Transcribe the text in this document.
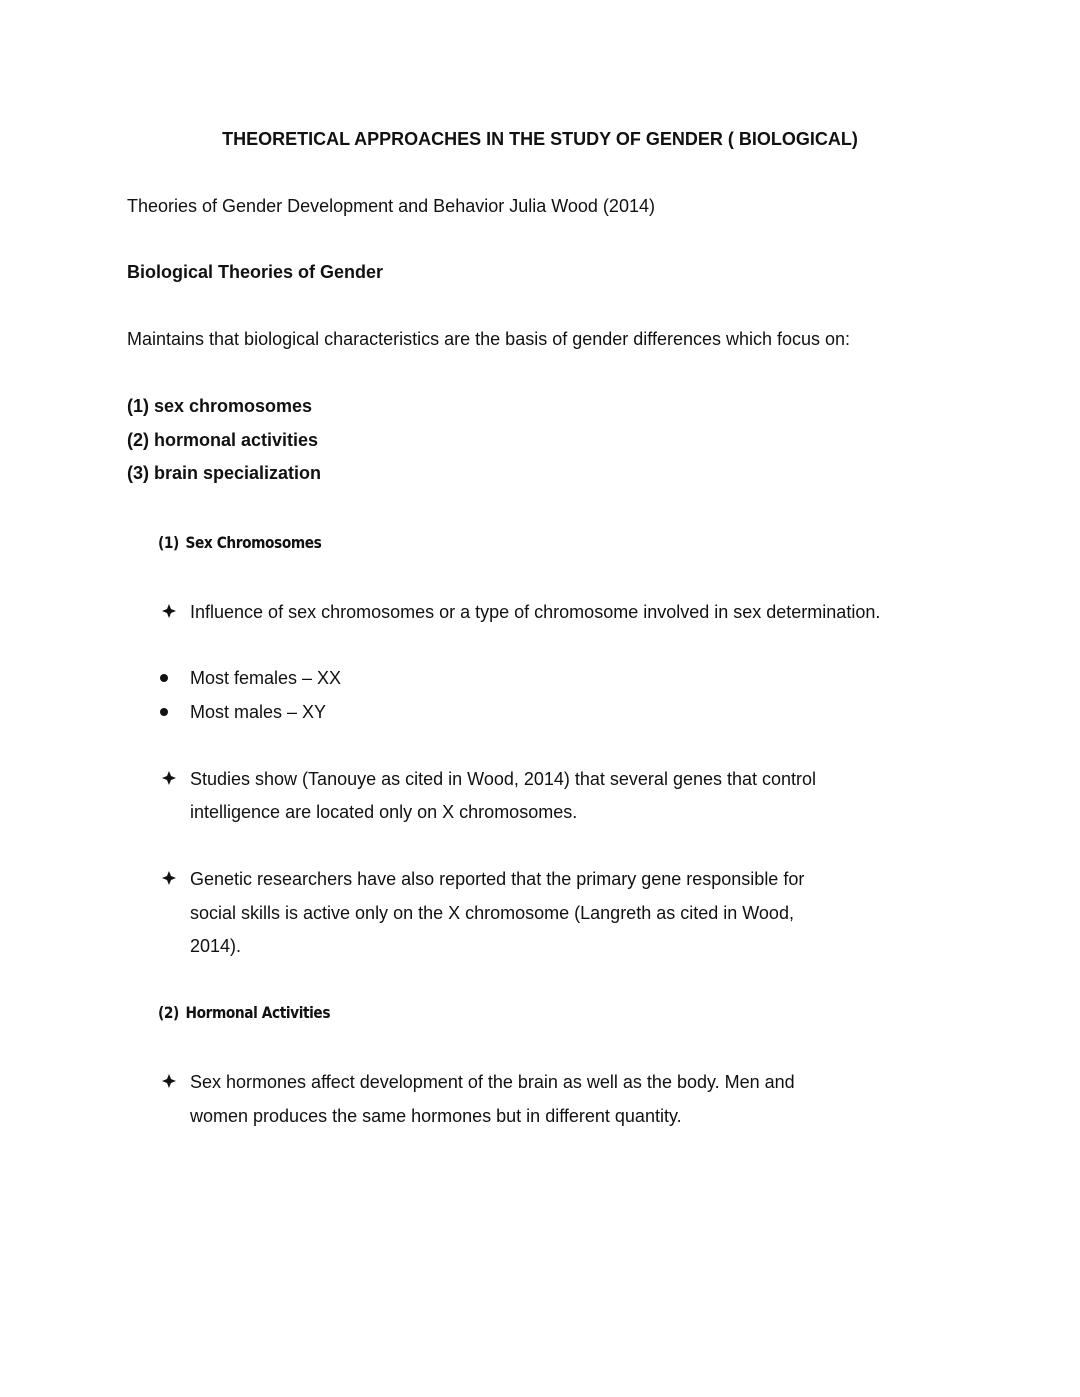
THEORETICAL APPROACHES IN THE STUDY OF GENDER ( BIOLOGICAL)
Theories of Gender Development and Behavior Julia Wood (2014)
Biological Theories of Gender
Maintains that biological characteristics are the basis of gender differences which focus on:
(1) sex chromosomes
(2) hormonal activities
(3) brain specialization
(1) Sex Chromosomes
Influence of sex chromosomes or a type of chromosome involved in sex determination.
Most females – XX
Most males – XY
Studies show (Tanouye as cited in Wood, 2014) that several genes that control
intelligence are located only on X chromosomes.
Genetic researchers have also reported that the primary gene responsible for
social skills is active only on the X chromosome (Langreth as cited in Wood,
2014).
(2) Hormonal Activities
Sex hormones affect development of the brain as well as the body. Men and
women produces the same hormones but in different quantity.
